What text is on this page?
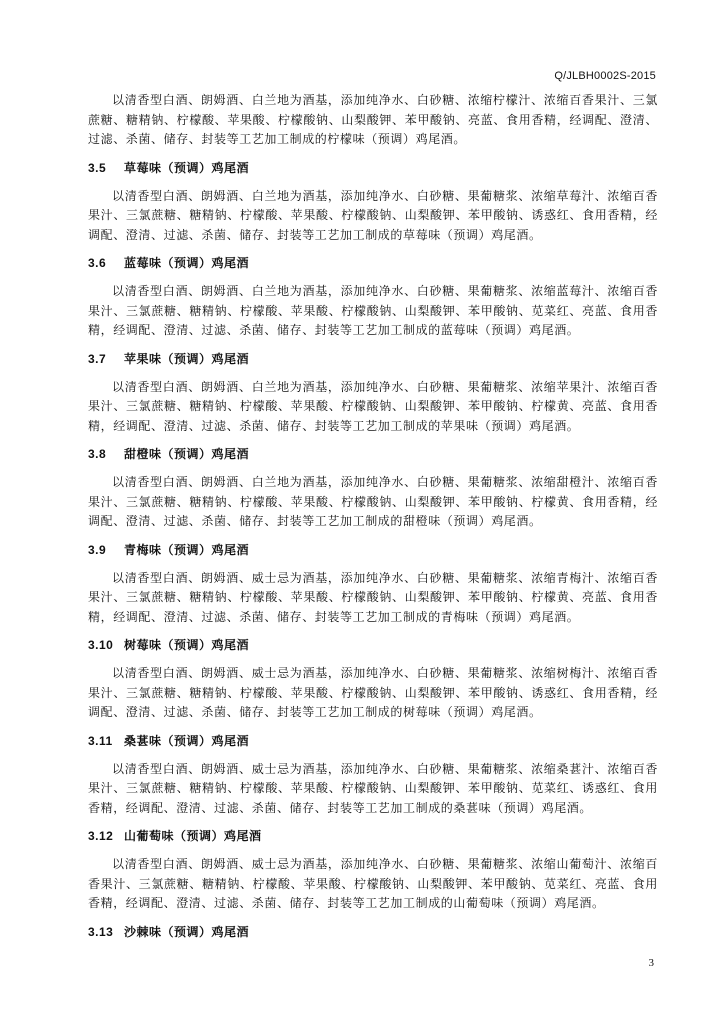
Q/JLBH0002S-2015

以清香型白酒、朗姆酒、白兰地为酒基，添加纯净水、白砂糖、浓缩柠檬汁、浓缩百香果汁、三氯蔗糖、糖精钠、柠檬酸、苹果酸、柠檬酸钠、山梨酸钾、苯甲酸钠、亮蓝、食用香精，经调配、澄清、过滤、杀菌、储存、封装等工艺加工制成的柠檬味（预调）鸡尾酒。

3.5 草莓味（预调）鸡尾酒

以清香型白酒、朗姆酒、白兰地为酒基，添加纯净水、白砂糖、果葡糖浆、浓缩草莓汁、浓缩百香果汁、三氯蔗糖、糖精钠、柠檬酸、苹果酸、柠檬酸钠、山梨酸钾、苯甲酸钠、诱惑红、食用香精，经调配、澄清、过滤、杀菌、储存、封装等工艺加工制成的草莓味（预调）鸡尾酒。

3.6 蓝莓味（预调）鸡尾酒

以清香型白酒、朗姆酒、白兰地为酒基，添加纯净水、白砂糖、果葡糖浆、浓缩蓝莓汁、浓缩百香果汁、三氯蔗糖、糖精钠、柠檬酸、苹果酸、柠檬酸钠、山梨酸钾、苯甲酸钠、苋菜红、亮蓝、食用香精，经调配、澄清、过滤、杀菌、储存、封装等工艺加工制成的蓝莓味（预调）鸡尾酒。

3.7 苹果味（预调）鸡尾酒

以清香型白酒、朗姆酒、白兰地为酒基，添加纯净水、白砂糖、果葡糖浆、浓缩苹果汁、浓缩百香果汁、三氯蔗糖、糖精钠、柠檬酸、苹果酸、柠檬酸钠、山梨酸钾、苯甲酸钠、柠檬黄、亮蓝、食用香精，经调配、澄清、过滤、杀菌、储存、封装等工艺加工制成的苹果味（预调）鸡尾酒。

3.8 甜橙味（预调）鸡尾酒

以清香型白酒、朗姆酒、白兰地为酒基，添加纯净水、白砂糖、果葡糖浆、浓缩甜橙汁、浓缩百香果汁、三氯蔗糖、糖精钠、柠檬酸、苹果酸、柠檬酸钠、山梨酸钾、苯甲酸钠、柠檬黄、食用香精，经调配、澄清、过滤、杀菌、储存、封装等工艺加工制成的甜橙味（预调）鸡尾酒。

3.9 青梅味（预调）鸡尾酒

以清香型白酒、朗姆酒、威士忌为酒基，添加纯净水、白砂糖、果葡糖浆、浓缩青梅汁、浓缩百香果汁、三氯蔗糖、糖精钠、柠檬酸、苹果酸、柠檬酸钠、山梨酸钾、苯甲酸钠、柠檬黄、亮蓝、食用香精，经调配、澄清、过滤、杀菌、储存、封装等工艺加工制成的青梅味（预调）鸡尾酒。

3.10 树莓味（预调）鸡尾酒

以清香型白酒、朗姆酒、威士忌为酒基，添加纯净水、白砂糖、果葡糖浆、浓缩树梅汁、浓缩百香果汁、三氯蔗糖、糖精钠、柠檬酸、苹果酸、柠檬酸钠、山梨酸钾、苯甲酸钠、诱惑红、食用香精，经调配、澄清、过滤、杀菌、储存、封装等工艺加工制成的树莓味（预调）鸡尾酒。

3.11 桑葚味（预调）鸡尾酒

以清香型白酒、朗姆酒、威士忌为酒基，添加纯净水、白砂糖、果葡糖浆、浓缩桑葚汁、浓缩百香果汁、三氯蔗糖、糖精钠、柠檬酸、苹果酸、柠檬酸钠、山梨酸钾、苯甲酸钠、苋菜红、诱惑红、食用香精，经调配、澄清、过滤、杀菌、储存、封装等工艺加工制成的桑葚味（预调）鸡尾酒。

3.12 山葡萄味（预调）鸡尾酒

以清香型白酒、朗姆酒、威士忌为酒基，添加纯净水、白砂糖、果葡糖浆、浓缩山葡萄汁、浓缩百香果汁、三氯蔗糖、糖精钠、柠檬酸、苹果酸、柠檬酸钠、山梨酸钾、苯甲酸钠、苋菜红、亮蓝、食用香精，经调配、澄清、过滤、杀菌、储存、封装等工艺加工制成的山葡萄味（预调）鸡尾酒。

3.13 沙棘味（预调）鸡尾酒
3
